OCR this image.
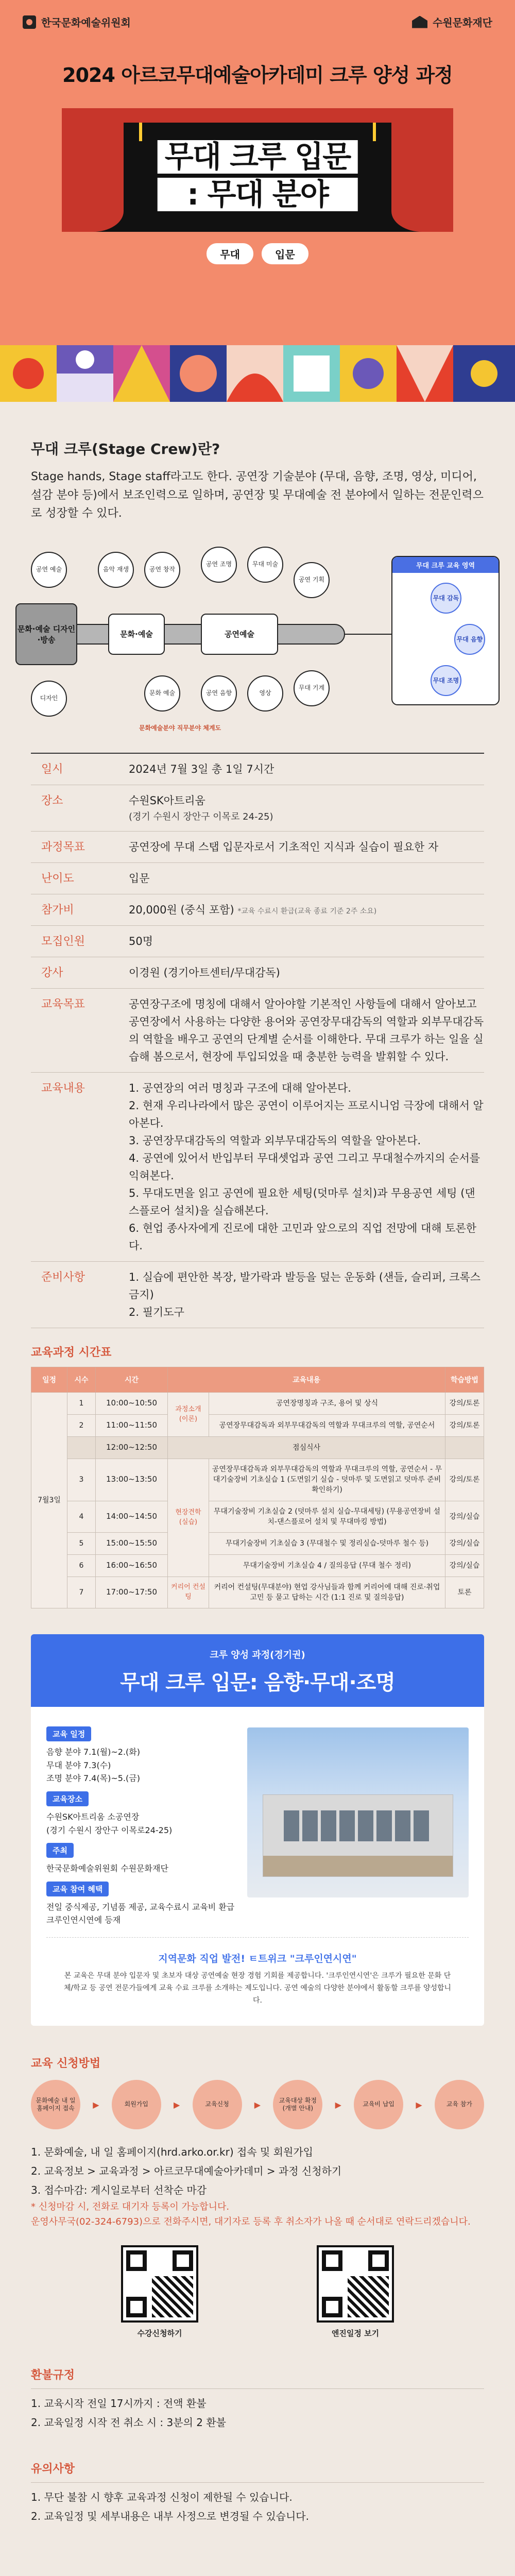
한국문화예술위원회	수원문화재단
2024 아르코무대예술아카데미 크루 양성 과정
무대 크루 입문
: 무대 분야
무대	입문
무대 크루(Stage Crew)란?

Stage hands, Stage staff라고도 한다. 공연장 기술분야 (무대, 음향, 조명, 영상, 미디어, 설감 분야 등)에서 보조인력으로 일하며, 공연장 및 무대예술 전 분야에서 일하는 전문인력으로 성장할 수 있다.

문화·예술 디자인·방송
문화·예술	공연예술
공연 예술
디자인
음악 재생
문화 예술
공연 창작
공연 조명	무대 미술
공연 기획
공연 음향	영상
무대 기계
무대 크루 교육 영역
무대 감독
무대 음향
무대 조명
문화예술분야 직무분야 체계도
일시	2024년 7월 3일 총 1일 7시간
장소	수원SK아트리움
(경기 수원시 장안구 이목로 24-25)
과정목표	공연장에 무대 스탭 입문자로서 기초적인 지식과 실습이 필요한 자
난이도	입문
참가비	20,000원 (중식 포함) *교육 수료시 환급(교육 종료 기준 2주 소요)
모집인원	50명
강사	이경원 (경기아트센터/무대감독)
교육목표	공연장구조에 명칭에 대해서 알아야할 기본적인 사항들에 대해서 알아보고 공연장에서 사용하는 다양한 용어와 공연장무대감독의 역할과 외부무대감독의 역할을 배우고 공연의 단계별 순서를 이해한다. 무대 크루가 하는 일을 실습해 봄으로서, 현장에 투입되었을 때 충분한 능력을 발휘할 수 있다.
교육내용	1. 공연장의 여러 명칭과 구조에 대해 알아본다.
2. 현재 우리나라에서 많은 공연이 이루어지는 프로시니엄 극장에 대해서 알아본다.
3. 공연장무대감독의 역할과 외부무대감독의 역할을 알아본다.
4. 공연에 있어서 반입부터 무대셋업과 공연 그리고 무대철수까지의 순서를 익혀본다.
5. 무대도면을 읽고 공연에 필요한 세팅(덧마루 설치)과 무용공연 세팅 (댄스플로어 설치)을 실습해본다.
6. 현업 종사자에게 진로에 대한 고민과 앞으로의 직업 전망에 대해 토론한다.
준비사항	1. 실습에 편안한 복장, 발가락과 발등을 덮는 운동화 (샌들, 슬리퍼, 크록스 금지)
2. 필기도구
교육과정 시간표
일정	시수	시간	교육내용		학습방법
7월3일	1	10:00~10:50	과정소개 (이론)	공연장명칭과 구조, 용어 및 상식	강의/토론
	2	11:00~11:50		공연장무대감독과 외부무대감독의 역할과 무대크루의 역할, 공연순서	강의/토론
		12:00~12:50	점심식사		
	3	13:00~13:50	현장견학 (실습)	공연장무대감독과 외부무대감독의 역할과 무대크루의 역할, 공연순서 - 무대기술장비 기초실습 1 (도면읽기 실습 - 덧마루 및 도면읽고 덧마루 준비 확인하기)	강의/토론
	4	14:00~14:50		무대기술장비 기초실습 2 (덧마루 설치 실습-무대세팅) (무용공연장비 설치-댄스플로어 설치 및 무대마킹 방법)	강의/실습
	5	15:00~15:50		무대기술장비 기초실습 3 (무대철수 및 정리실습-덧마루 철수 등)	강의/실습
	6	16:00~16:50		무대기술장비 기초실습 4 / 질의응답 (무대 철수 정리)	강의/실습
	7	17:00~17:50	커리어 컨설팅	커리어 컨설팅(무대분야) 현업 강사님들과 함께 커리어에 대해 진로·취업 고민 등 묻고 답하는 시간 (1:1 진로 및 질의응답)	토론
크루 양성 과정(경기권)
무대 크루 입문: 음향·무대·조명
교육 일정
음향 분야 7.1(월)~2.(화)
무대 분야 7.3(수)
조명 분야 7.4(목)~5.(금)
교육장소
수원SK아트리움 소공연장
(경기 수원시 장안구 이목로24-25)
주최
한국문화예술위원회 수원문화재단
교육 참여 혜택
전일 중식제공, 기념품 제공, 교육수료시 교육비 환급
크루인연시연에 등재
지역문화 직업 발전! ㅌ트위크 "크루인연시연"
본 교육은 무대 분야 입문자 및 초보자 대상 공연예술 현장 경험 기회를 제공합니다. '크루인연시연'은 크루가 필요한 문화 단체/학교 등 공연 전문가들에게 교육 수료 크루를 소개하는 제도입니다. 공연 예술의 다양한 분야에서 활동할 크루를 양성합니다.
교육 신청방법
문화예술 내 일 홈페이지 접속	▶	회원가입	▶	교육신청	▶	교육대상 확정(개별 안내)	▶	교육비 납입	▶	교육 참가
1. 문화예술, 내 일 홈페이지(hrd.arko.or.kr) 접속 및 회원가입
2. 교육정보 > 교육과정 > 아르코무대예술아카데미 > 과정 신청하기
3. 접수마감: 게시일로부터 선착순 마감
* 신청마감 시, 전화로 대기자 등록이 가능합니다.
운영사무국(02-324-6793)으로 전화주시면, 대기자로 등록 후 취소자가 나올 때 순서대로 연락드리겠습니다.
수강신청하기	엔진일정 보기
환불규정
1. 교육시작 전일 17시까지 : 전액 환불
2. 교육일정 시작 전 취소 시 : 3분의 2 환불
유의사항
1. 무단 불참 시 향후 교육과정 신청이 제한될 수 있습니다.
2. 교육일정 및 세부내용은 내부 사정으로 변경될 수 있습니다.
